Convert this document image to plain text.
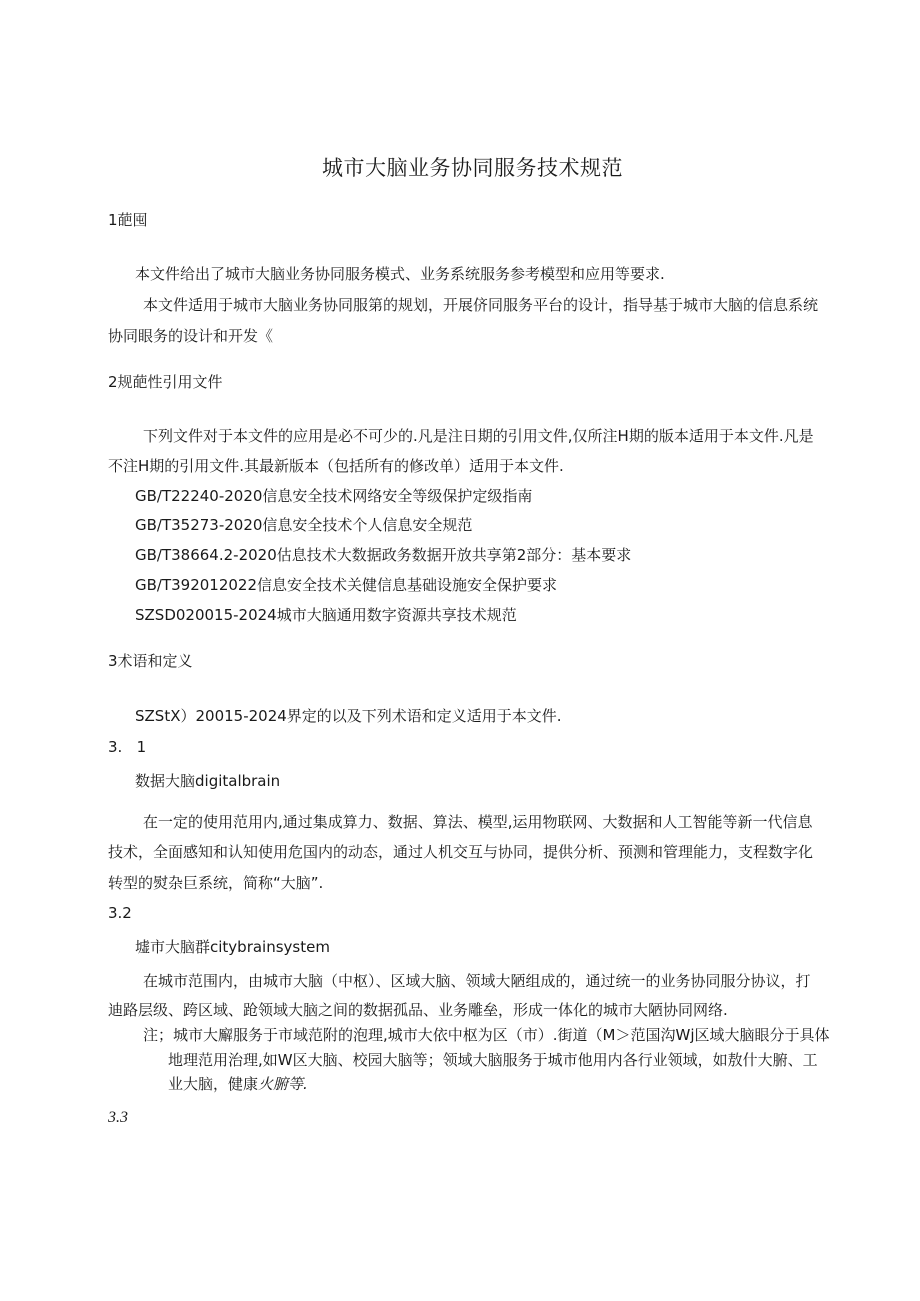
城市大脑业务协同服务技术规范
1葩囤
本文件给出了城市大脑业务协同服务模式、业务系统服务参考模型和应用等要求.
本文件适用于城市大脑业务协同服第的规划，开展侪同服务平台的设计，指导基于城市大脑的信息系统
协同眼务的设计和开发《
2规葩性引用文件
下列文件对于本文件的应用是必不可少的.凡是注日期的引用文件,仅所注H期的版本适用于本文件.凡是
不注H期的引用文件.其最新版本（包括所有的修改单）适用于本文件.
GB/T22240-2020信息安全技术网络安全等级保护定级指南
GB/T35273-2020信息安全技术个人信息安全规范
GB/T38664.2-2020估息技术大数据政务数据开放共享第2部分：基本要求
GB/T392012022信息安全技术关健信息基础设施安全保护要求
SZSD020015-2024城市大脑通用数字资源共享技术规范
3术语和定义
SZStX）20015-2024界定的以及下列术语和定义适用于本文件.
3.   1
数据大脑digitalbrain
在一定的使用范用内,通过集成算力、数据、算法、模型,运用物联网、大数据和人工智能等新一代信息
技术，全面感知和认知使用危国内的动态，通过人机交互与协同，提供分析、预测和管理能力，支程数字化
转型的熨杂巨系统，简称“大脑”.
3.2
墟市大脑群citybrainsystem
在城市范围内，由城市大脑（中枢）、区域大脑、领域大陋组成的，通过统一的业务协同服分协议，打
迪路层级、跨区域、跄领域大脑之间的数据孤品、业务雕垒，形成一体化的城市大陋协同网络.
注；城市大廨服务于市域范附的泡理,城市大依中枢为区（市）.街道（M＞范国沟Wj区域大脑眼分于具体
地理范用治理,如W区大脑、校园大脑等；领域大脑服务于城市他用内各行业领域，如敖什大腑、工
业大脑，健康火腑等.
3.3
